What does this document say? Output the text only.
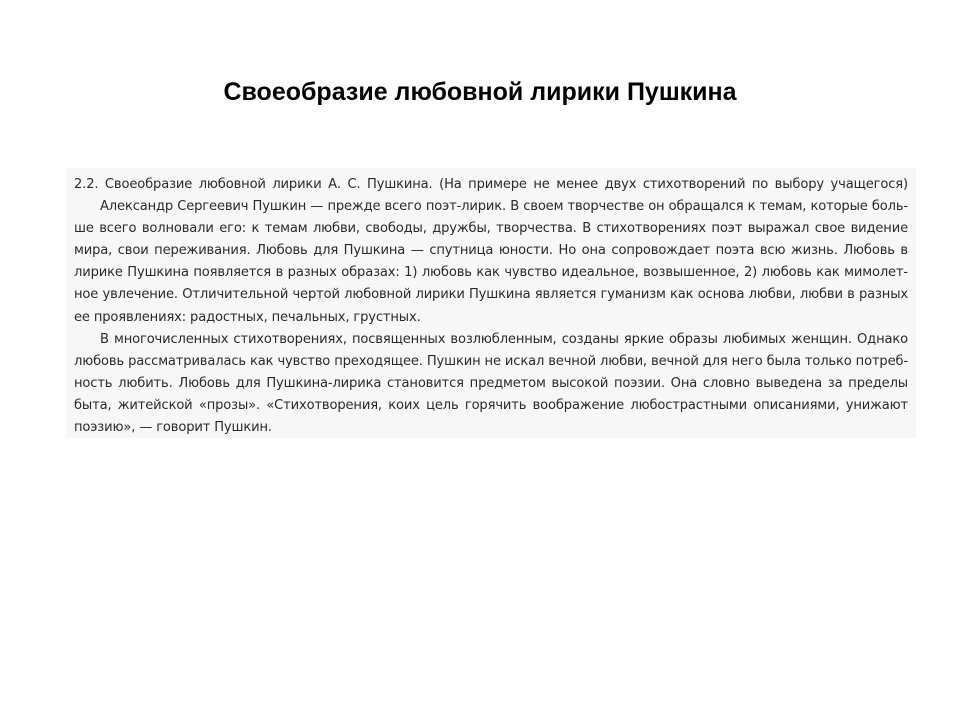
Своеобразие любовной лирики Пушкина
2.2. Своеобразие любовной лирики А. С. Пушкина. (На примере не менее двух стихотворений по выбору учащегося)
Александр Сергеевич Пушкин — прежде всего поэт-лирик. В своем творчестве он обращался к темам, которые боль-
ше всего волновали его: к темам любви, свободы, дружбы, творчества. В стихотворениях поэт выражал свое видение
мира, свои переживания. Любовь для Пушкина — спутница юности. Но она сопровождает поэта всю жизнь. Любовь в
лирике Пушкина появляется в разных образах: 1) любовь как чувство идеальное, возвышенное, 2) любовь как мимолет-
ное увлечение. Отличительной чертой любовной лирики Пушкина является гуманизм как основа любви, любви в разных
ее проявлениях: радостных, печальных, грустных.
В многочисленных стихотворениях, посвященных возлюбленным, созданы яркие образы любимых женщин. Однако
любовь рассматривалась как чувство преходящее. Пушкин не искал вечной любви, вечной для него была только потреб-
ность любить. Любовь для Пушкина-лирика становится предметом высокой поэзии. Она словно выведена за пределы
быта, житейской «прозы». «Стихотворения, коих цель горячить воображение любострастными описаниями, унижают
поэзию», — говорит Пушкин.
